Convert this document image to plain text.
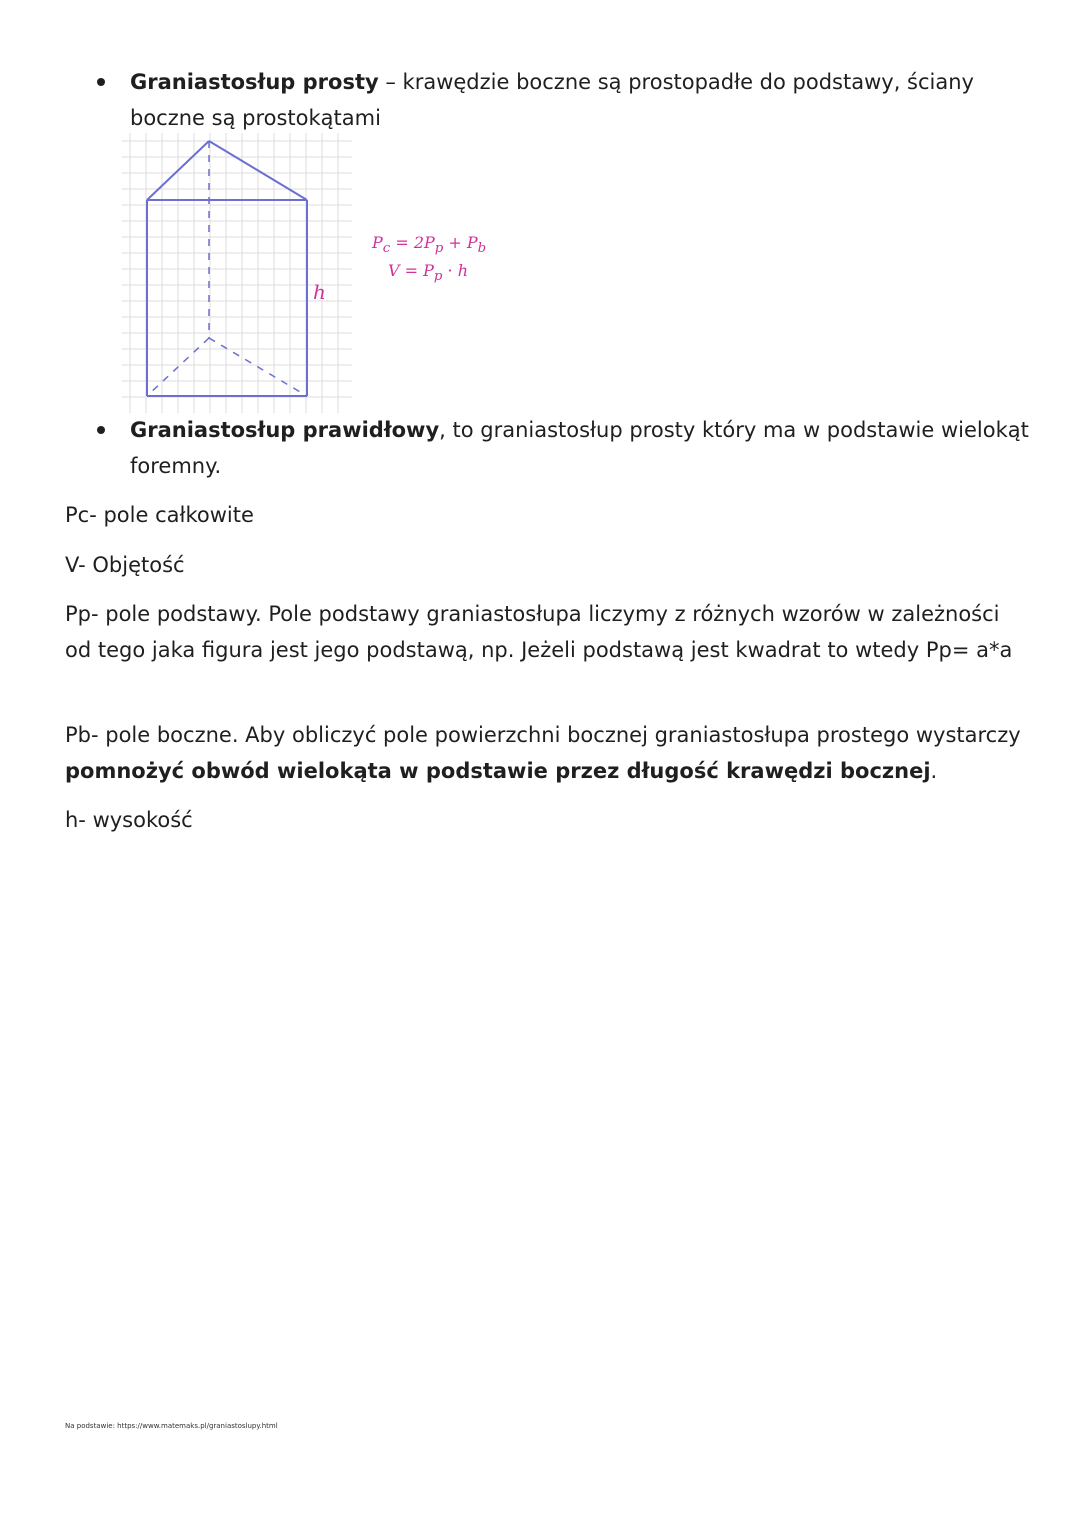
Graniastosłup prosty – krawędzie boczne są prostopadłe do podstawy, ściany boczne są prostokątami
h
$P_c = 2P_p + P_b$
$V = P_p \cdot h$
Graniastosłup prawidłowy, to graniastosłup prosty który ma w podstawie wielokąt foremny.
Pc- pole całkowite
V- Objętość
Pp- pole podstawy. Pole podstawy graniastosłupa liczymy z różnych wzorów w zależności od tego jaka figura jest jego podstawą, np. Jeżeli podstawą jest kwadrat to wtedy Pp= a*a
Pb- pole boczne. Aby obliczyć pole powierzchni bocznej graniastosłupa prostego wystarczy pomnożyć obwód wielokąta w podstawie przez długość krawędzi bocznej.
h- wysokość
Na podstawie: https://www.matemaks.pl/graniastoslupy.html
